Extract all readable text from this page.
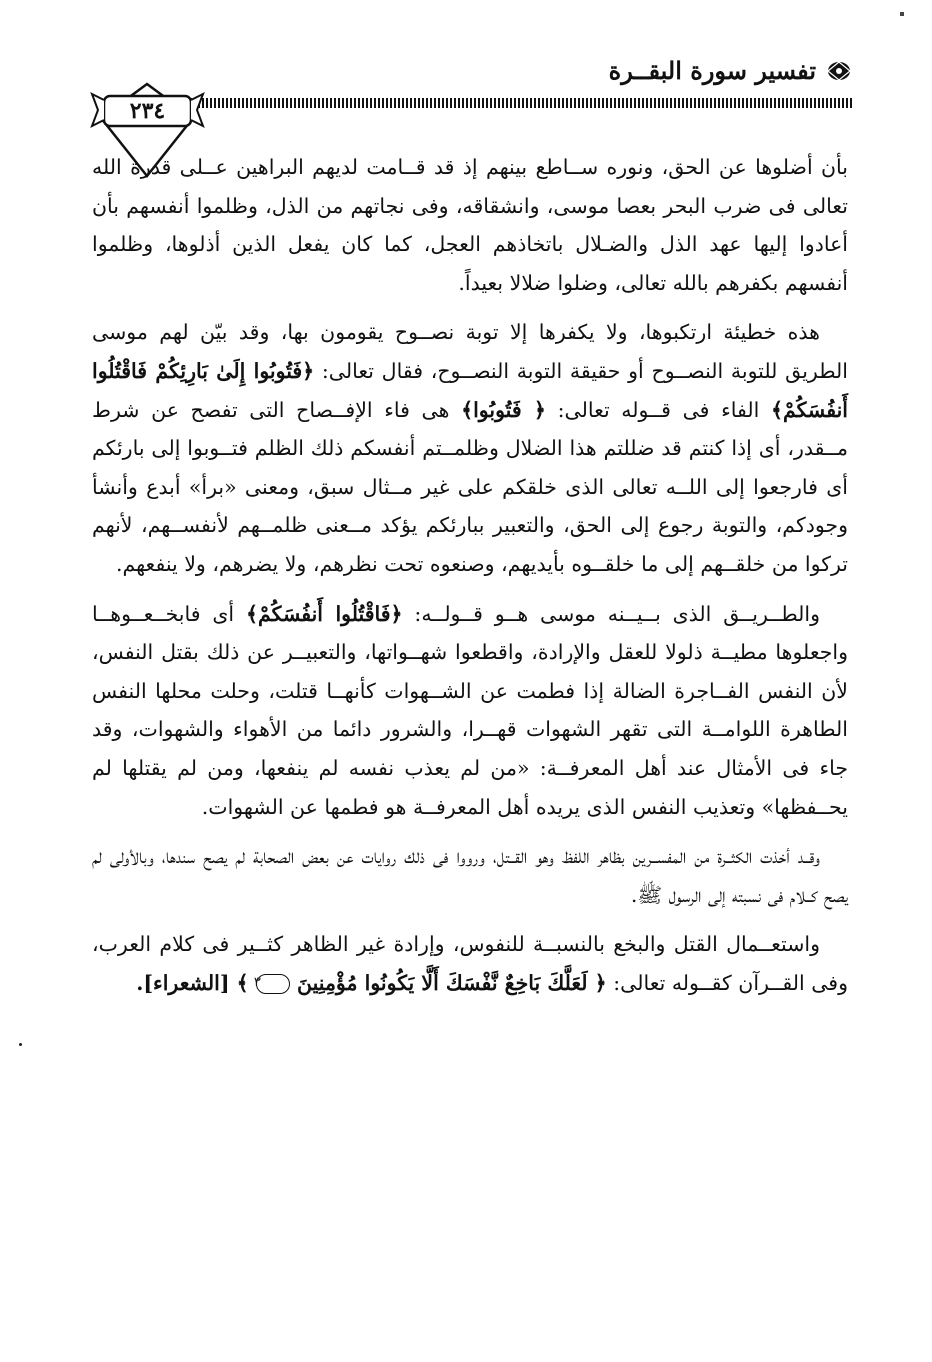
تفسير سورة البقــرة
٢٣٤

بأن أضلوها عن الحق، ونوره ســاطع بينهم إذ قد قــامت لديهم البراهين عــلى قدرة الله تعالى فى ضرب البحر بعصا موسى، وانشقاقه، وفى نجاتهم من الذل، وظلموا أنفسهم بأن أعادوا إليها عهد الذل والضـلال باتخاذهم العجل، كما كان يفعل الذين أذلوها، وظلموا أنفسهم بكفرهم بالله تعالى، وضلوا ضلالا بعيداً.

هذه خطيئة ارتكبوها، ولا يكفرها إلا توبة نصــوح يقومون بها، وقد بيّن لهم موسى الطريق للتوبة النصــوح أو حقيقة التوبة النصــوح، فقال تعالى: ﴿فَتُوبُوا إِلَىٰ بَارِئِكُمْ فَاقْتُلُوا أَنفُسَكُمْ﴾ الفاء فى قــوله تعالى: ﴿ فَتُوبُوا﴾ هى فاء الإفــصاح التى تفصح عن شرط مــقدر، أى إذا كنتم قد ضللتم هذا الضلال وظلمــتم أنفسكم ذلك الظلم فتــوبوا إلى بارئكم أى فارجعوا إلى اللــه تعالى الذى خلقكم على غير مــثال سبق، ومعنى «برأ» أبدع وأنشأ وجودكم، والتوبة رجوع إلى الحق، والتعبير ببارئكم يؤكد مــعنى ظلمــهم لأنفســهم، لأنهم تركوا من خلقــهم إلى ما خلقــوه بأيديهم، وصنعوه تحت نظرهم، ولا يضرهم، ولا ينفعهم.

والطــريــق الذى بــيــنه موسى هــو قــولــه: ﴿فَاقْتُلُوا أَنفُسَكُمْ﴾ أى فابخــعــوهــا واجعلوها مطيــة ذلولا للعقل والإرادة، واقطعوا شهــواتها، والتعبيــر عن ذلك بقتل النفس، لأن النفس الفــاجرة الضالة إذا فطمت عن الشــهوات كأنهــا قتلت، وحلت محلها النفس الطاهرة اللوامــة التى تقهر الشهوات قهــرا، والشرور دائما من الأهواء والشهوات، وقد جاء فى الأمثال عند أهل المعرفــة: «من لم يعذب نفسه لم ينفعها، ومن لم يقتلها لم يحــفظها» وتعذيب النفس الذى يريده أهل المعرفــة هو فطمها عن الشهوات.

وقــد أخذت الكثــرة من المفســرين بظاهر اللفظ وهو القــتل، ورووا فى ذلك روايات عن بعض الصحابة لم يصح سندها، وبالأولى لم يصح كــلام فى نسبته إلى الرسول ﷺ.

واستعــمال القتل والبخع بالنسبــة للنفوس، وإرادة غير الظاهر كثــير فى كلام العرب، وفى القــرآن كقــوله تعالى: ﴿ لَعَلَّكَ بَاخِعٌ نَّفْسَكَ أَلَّا يَكُونُوا مُؤْمِنِينَ ٣ ﴾ [الشعراء].
